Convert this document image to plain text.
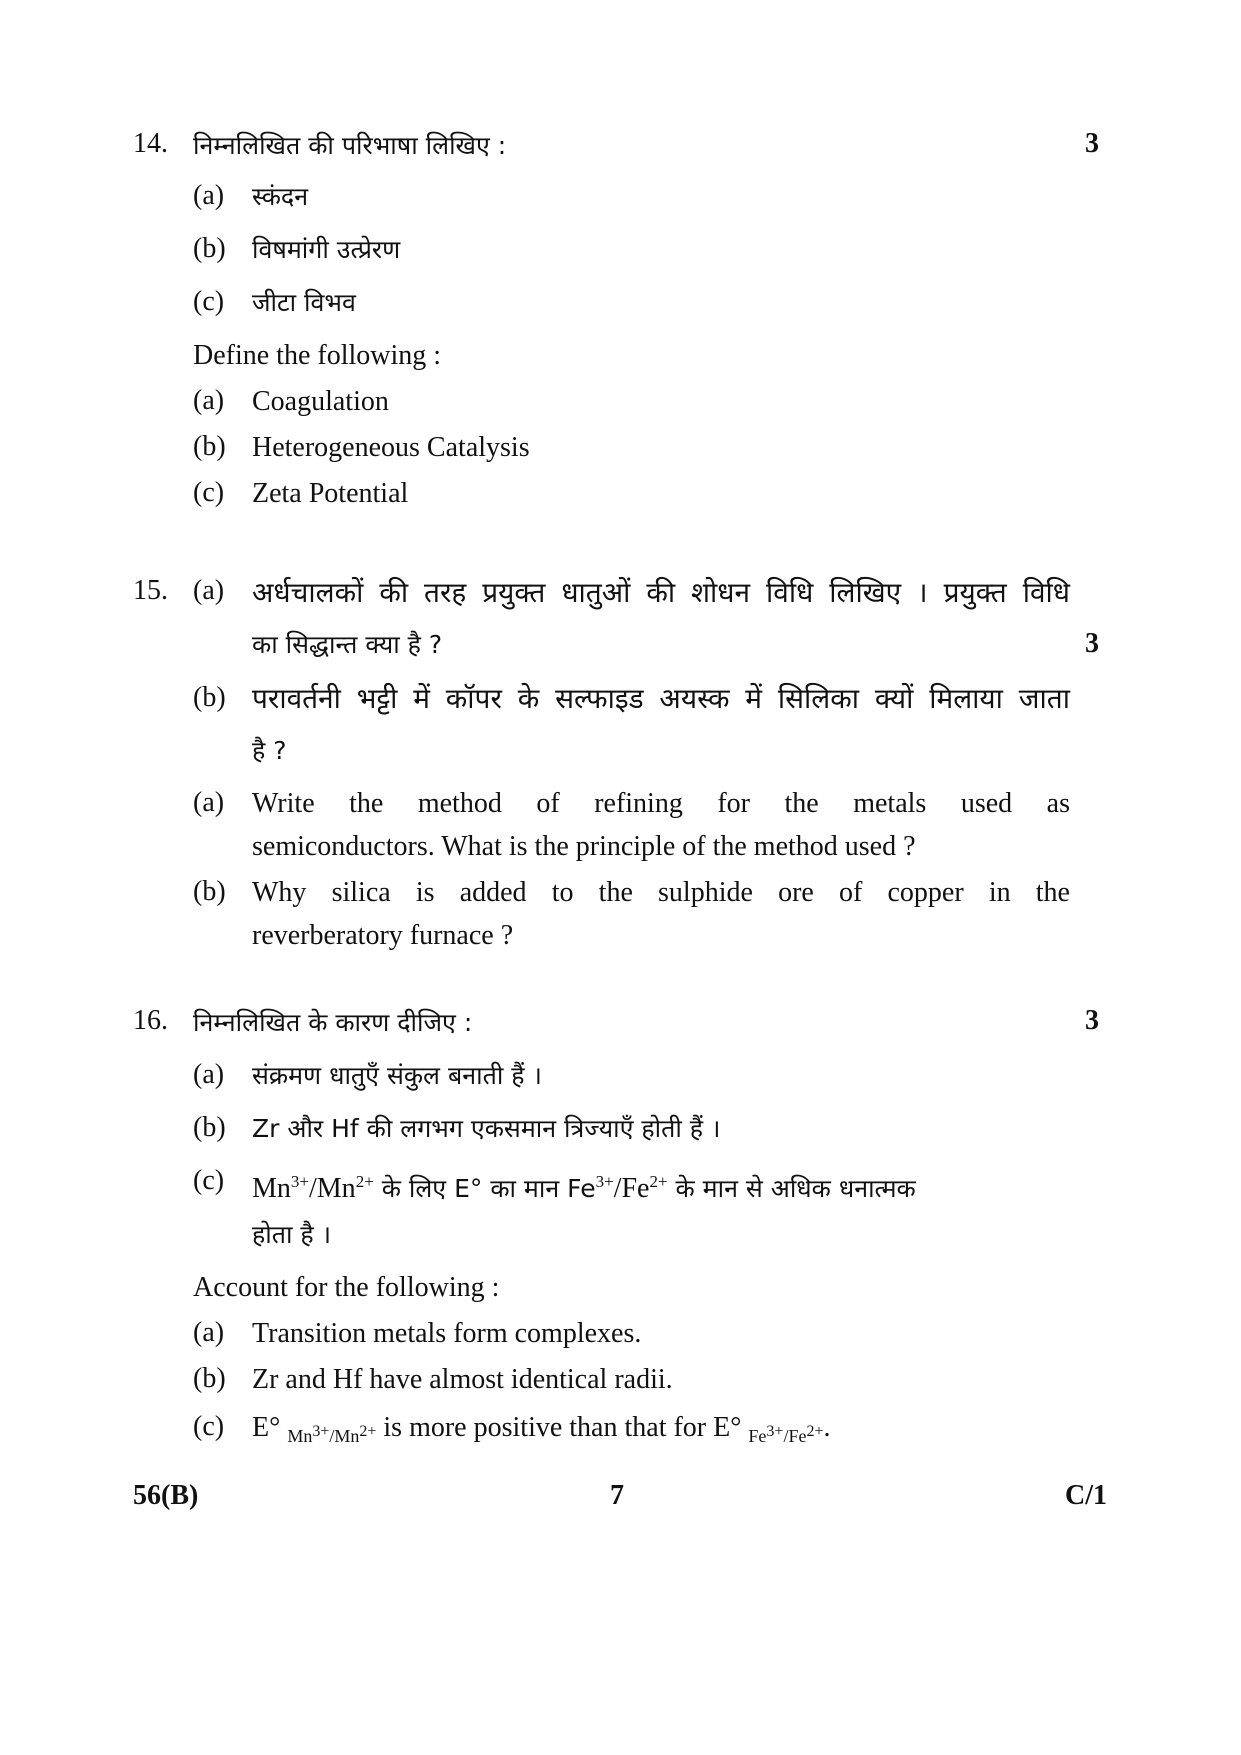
14. निम्नलिखित की परिभाषा लिखिए :	3
(a) स्कंदन
(b) विषमांगी उत्प्रेरण
(c) जीटा विभव
Define the following :
(a) Coagulation
(b) Heterogeneous Catalysis
(c) Zeta Potential
15. (a) अर्धचालकों की तरह प्रयुक्त धातुओं की शोधन विधि लिखिए । प्रयुक्त विधि
का सिद्धान्त क्या है ?	3
(b) परावर्तनी भट्टी में कॉपर के सल्फाइड अयस्क में सिलिका क्यों मिलाया जाता
है ?
(a) Write the method of refining for the metals used as
semiconductors. What is the principle of the method used ?
(b) Why silica is added to the sulphide ore of copper in the
reverberatory furnace ?
16. निम्नलिखित के कारण दीजिए :	3
(a) संक्रमण धातुएँ संकुल बनाती हैं ।
(b) Zr और Hf की लगभग एकसमान त्रिज्याएँ होती हैं ।
(c) $Mn^{3+}/Mn^{2+}$ के लिए E° का मान $Fe^{3+}/Fe^{2+}$ के मान से अधिक धनात्मक
होता है ।
Account for the following :
(a) Transition metals form complexes.
(b) Zr and Hf have almost identical radii.
(c) E° $_{Mn3+/Mn2+}$ is more positive than that for E° $_{Fe3+/Fe2+}$.
56(B)	7	C/1
